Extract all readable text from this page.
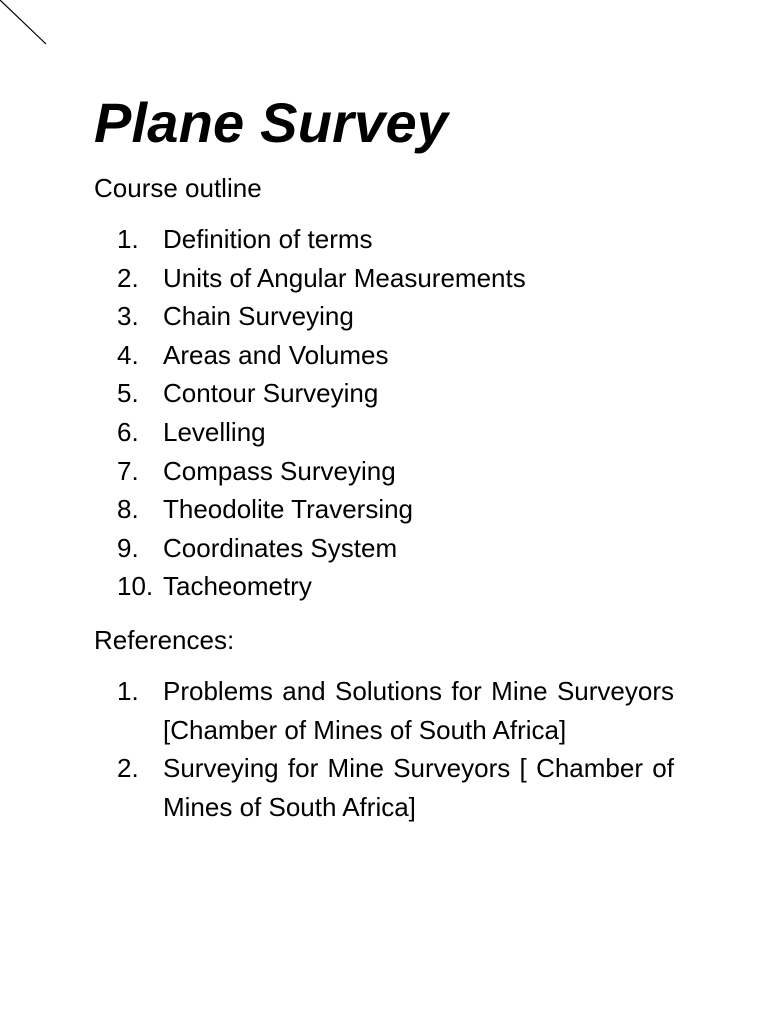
Plane Survey
Course outline
1. Definition of terms
2. Units of Angular Measurements
3. Chain Surveying
4. Areas and Volumes
5. Contour Surveying
6. Levelling
7. Compass Surveying
8. Theodolite Traversing
9. Coordinates System
10. Tacheometry
References:
1. Problems and Solutions for Mine Surveyors [Chamber of Mines of South Africa]
2. Surveying for Mine Surveyors [ Chamber of Mines of South Africa]
